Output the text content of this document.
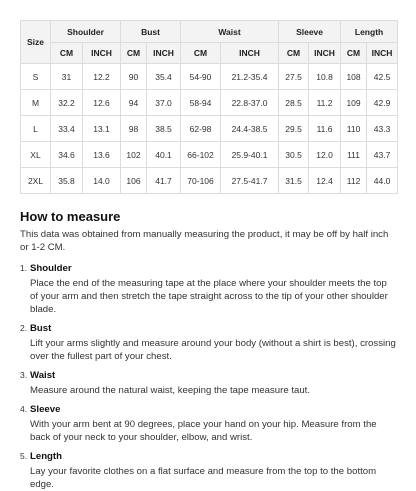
Size	Shoulder		Bust		Waist		Sleeve		Length	
	CM	INCH	CM	INCH	CM	INCH	CM	INCH	CM	INCH
S	31	12.2	90	35.4	54-90	21.2-35.4	27.5	10.8	108	42.5
M	32.2	12.6	94	37.0	58-94	22.8-37.0	28.5	11.2	109	42.9
L	33.4	13.1	98	38.5	62-98	24.4-38.5	29.5	11.6	110	43.3
XL	34.6	13.6	102	40.1	66-102	25.9-40.1	30.5	12.0	111	43.7
2XL	35.8	14.0	106	41.7	70-106	27.5-41.7	31.5	12.4	112	44.0
How to measure

This data was obtained from manually measuring the product, it may be off by half inch or 1-2 CM.

1. Shoulder
Place the end of the measuring tape at the place where your shoulder meets the top of your arm and then stretch the tape straight across to the tip of your other shoulder blade.
2. Bust
Lift your arms slightly and measure around your body (without a shirt is best), crossing over the fullest part of your chest.
3. Waist
Measure around the natural waist, keeping the tape measure taut.
4. Sleeve
With your arm bent at 90 degrees, place your hand on your hip. Measure from the back of your neck to your shoulder, elbow, and wrist.
5. Length
Lay your favorite clothes on a flat surface and measure from the top to the bottom edge.
